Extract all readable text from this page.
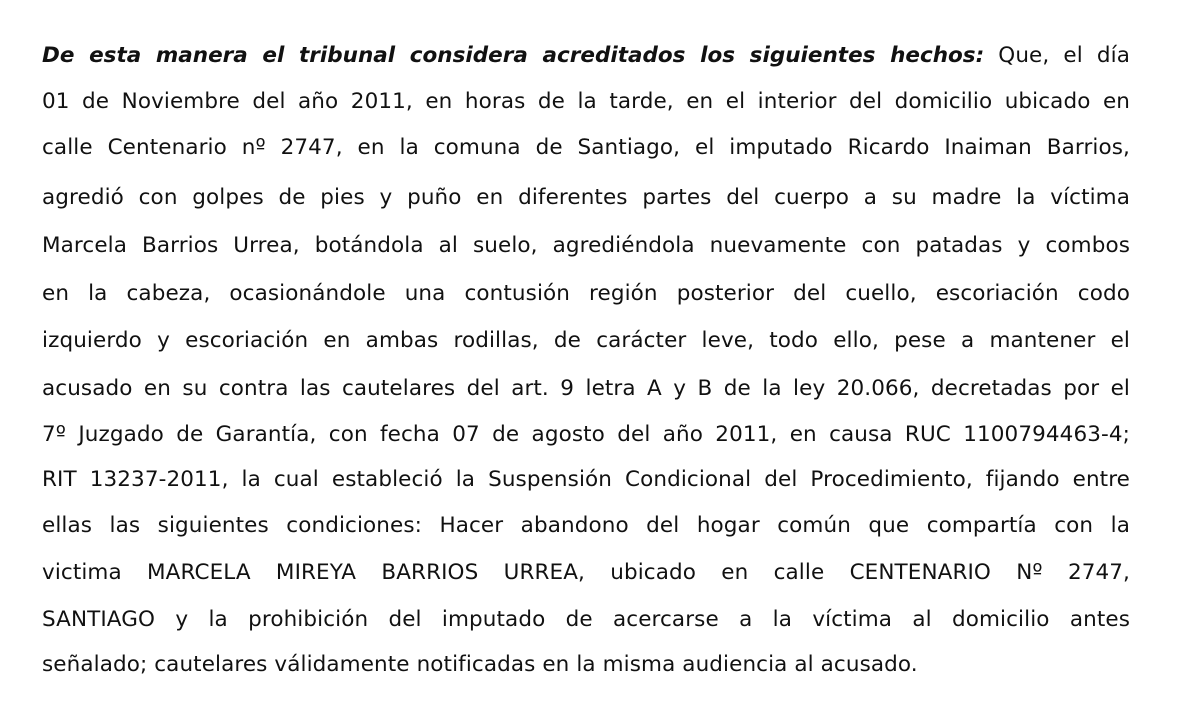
De esta manera el tribunal considera acreditados los siguientes hechos: Que, el día
01 de Noviembre del año 2011, en horas de la tarde, en el interior del domicilio ubicado en
calle Centenario nº 2747, en la comuna de Santiago, el imputado Ricardo Inaiman Barrios,
agredió con golpes de pies y puño en diferentes partes del cuerpo a su madre la víctima
Marcela Barrios Urrea, botándola al suelo, agrediéndola nuevamente con patadas y combos
en la cabeza, ocasionándole una contusión región posterior del cuello, escoriación codo
izquierdo y escoriación en ambas rodillas, de carácter leve, todo ello, pese a mantener el
acusado en su contra las cautelares del art. 9 letra A y B de la ley 20.066, decretadas por el
7º Juzgado de Garantía, con fecha 07 de agosto del año 2011, en causa RUC 1100794463-4;
RIT 13237-2011, la cual estableció la Suspensión Condicional del Procedimiento, fijando entre
ellas las siguientes condiciones: Hacer abandono del hogar común que compartía con la
victima MARCELA MIREYA BARRIOS URREA, ubicado en calle CENTENARIO Nº 2747,
SANTIAGO y la prohibición del imputado de acercarse a la víctima al domicilio antes
señalado; cautelares válidamente notificadas en la misma audiencia al acusado.
